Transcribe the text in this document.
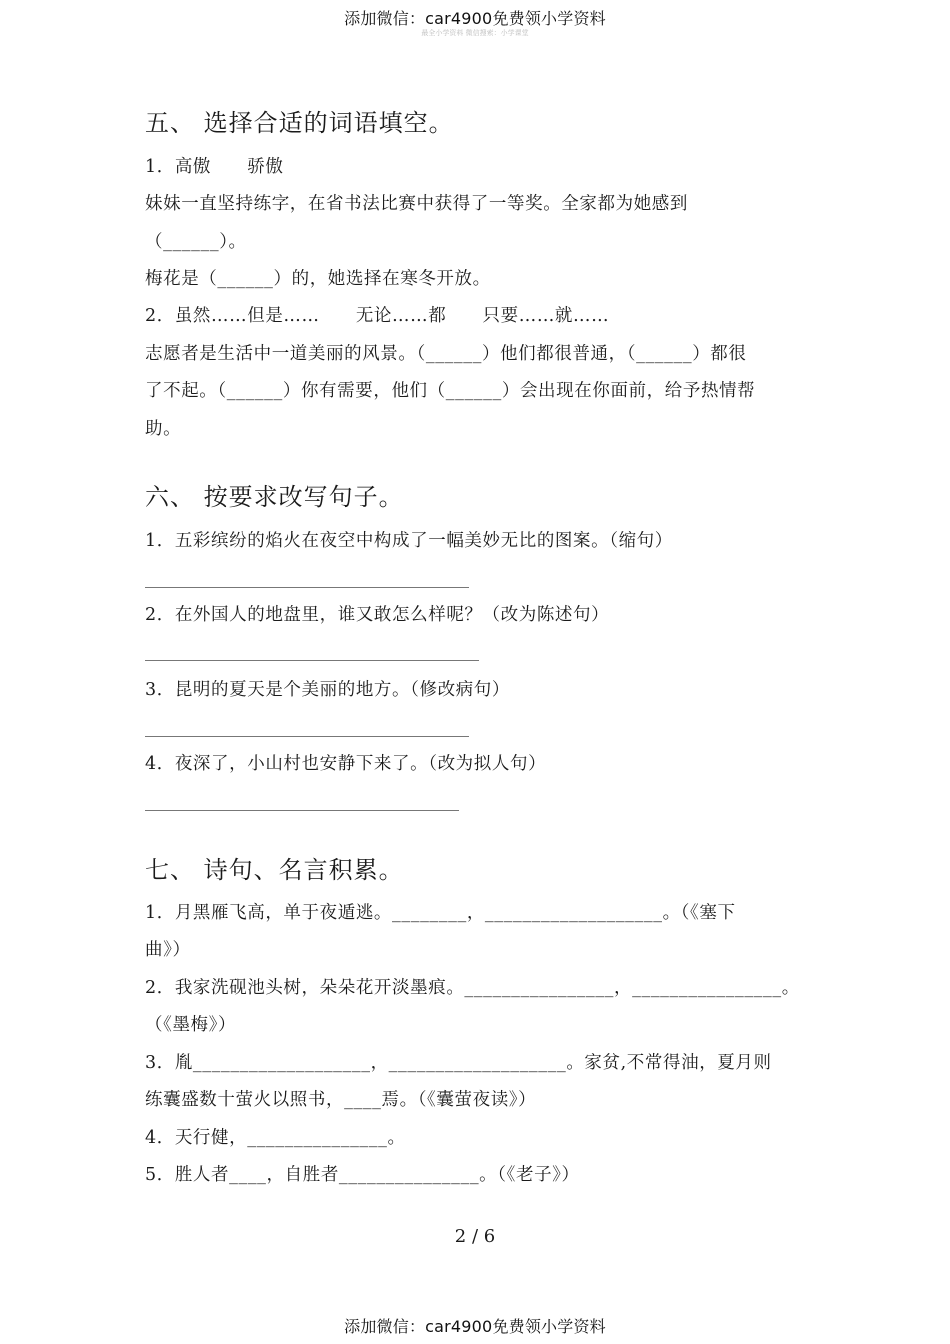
添加微信：car4900免费领小学资料
最全小学资料 微信搜索：小学课堂
五、 选择合适的词语填空。
1．高傲　　骄傲
妹妹一直坚持练字，在省书法比赛中获得了一等奖。全家都为她感到
（______）。
梅花是（______）的，她选择在寒冬开放。
2．虽然……但是……　　无论……都　　只要……就……
志愿者是生活中一道美丽的风景。（______）他们都很普通，（______）都很
了不起。（______）你有需要，他们（______）会出现在你面前，给予热情帮
助。
六、 按要求改写句子。
1．五彩缤纷的焰火在夜空中构成了一幅美妙无比的图案。（缩句）
2．在外国人的地盘里，谁又敢怎么样呢？（改为陈述句）
3．昆明的夏天是个美丽的地方。（修改病句）
4．夜深了，小山村也安静下来了。（改为拟人句）
七、 诗句、名言积累。
1．月黑雁飞高，单于夜遁逃。________，___________________。（《塞下
曲》）
2．我家洗砚池头树，朵朵花开淡墨痕。________________，________________。
（《墨梅》）
3．胤___________________，___________________。家贫,不常得油，夏月则
练囊盛数十萤火以照书，____焉。（《囊萤夜读》）
4．天行健，_______________。
5．胜人者____，自胜者_______________。（《老子》）
2 / 6
添加微信：car4900免费领小学资料
